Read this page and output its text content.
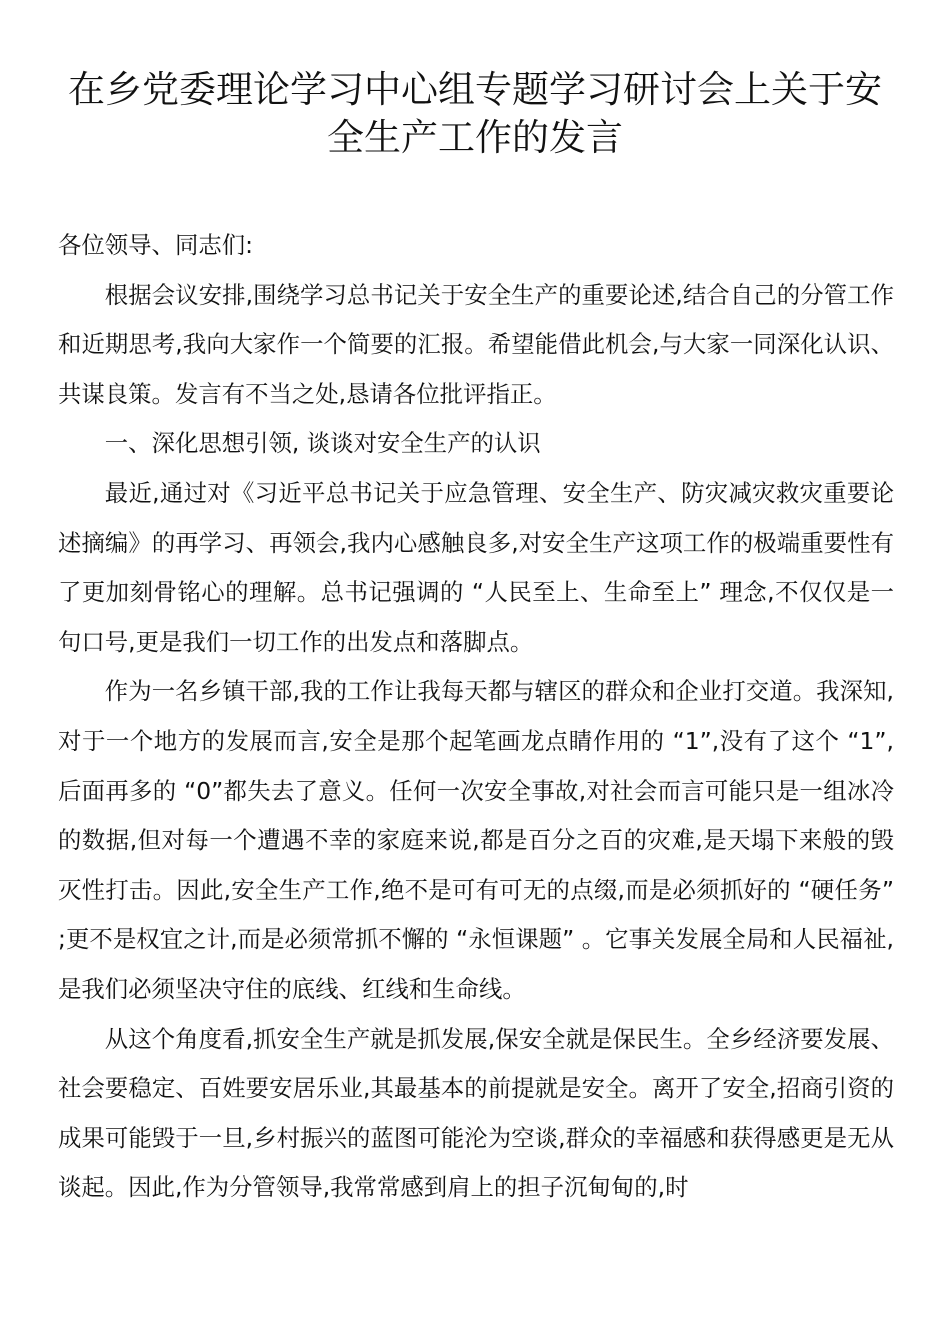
在乡党委理论学习中心组专题学习研讨会上关于安全生产工作的发言

各位领导、同志们:

根据会议安排,围绕学习总书记关于安全生产的重要论述,结合自己的分管工作和近期思考,我向大家作一个简要的汇报。希望能借此机会,与大家一同深化认识、共谋良策。发言有不当之处,恳请各位批评指正。

一、深化思想引领, 谈谈对安全生产的认识

最近,通过对《习近平总书记关于应急管理、安全生产、防灾减灾救灾重要论述摘编》的再学习、再领会,我内心感触良多,对安全生产这项工作的极端重要性有了更加刻骨铭心的理解。总书记强调的 “人民至上、生命至上” 理念,不仅仅是一句口号,更是我们一切工作的出发点和落脚点。

作为一名乡镇干部,我的工作让我每天都与辖区的群众和企业打交道。我深知,对于一个地方的发展而言,安全是那个起笔画龙点睛作用的 “1”,没有了这个 “1”,后面再多的 “0”都失去了意义。任何一次安全事故,对社会而言可能只是一组冰冷的数据,但对每一个遭遇不幸的家庭来说,都是百分之百的灾难,是天塌下来般的毁灭性打击。因此,安全生产工作,绝不是可有可无的点缀,而是必须抓好的 “硬任务” ;更不是权宜之计,而是必须常抓不懈的 “永恒课题” 。它事关发展全局和人民福祉,是我们必须坚决守住的底线、红线和生命线。

从这个角度看,抓安全生产就是抓发展,保安全就是保民生。全乡经济要发展、社会要稳定、百姓要安居乐业,其最基本的前提就是安全。离开了安全,招商引资的成果可能毁于一旦,乡村振兴的蓝图可能沦为空谈,群众的幸福感和获得感更是无从谈起。因此,作为分管领导,我常常感到肩上的担子沉甸甸的,时
